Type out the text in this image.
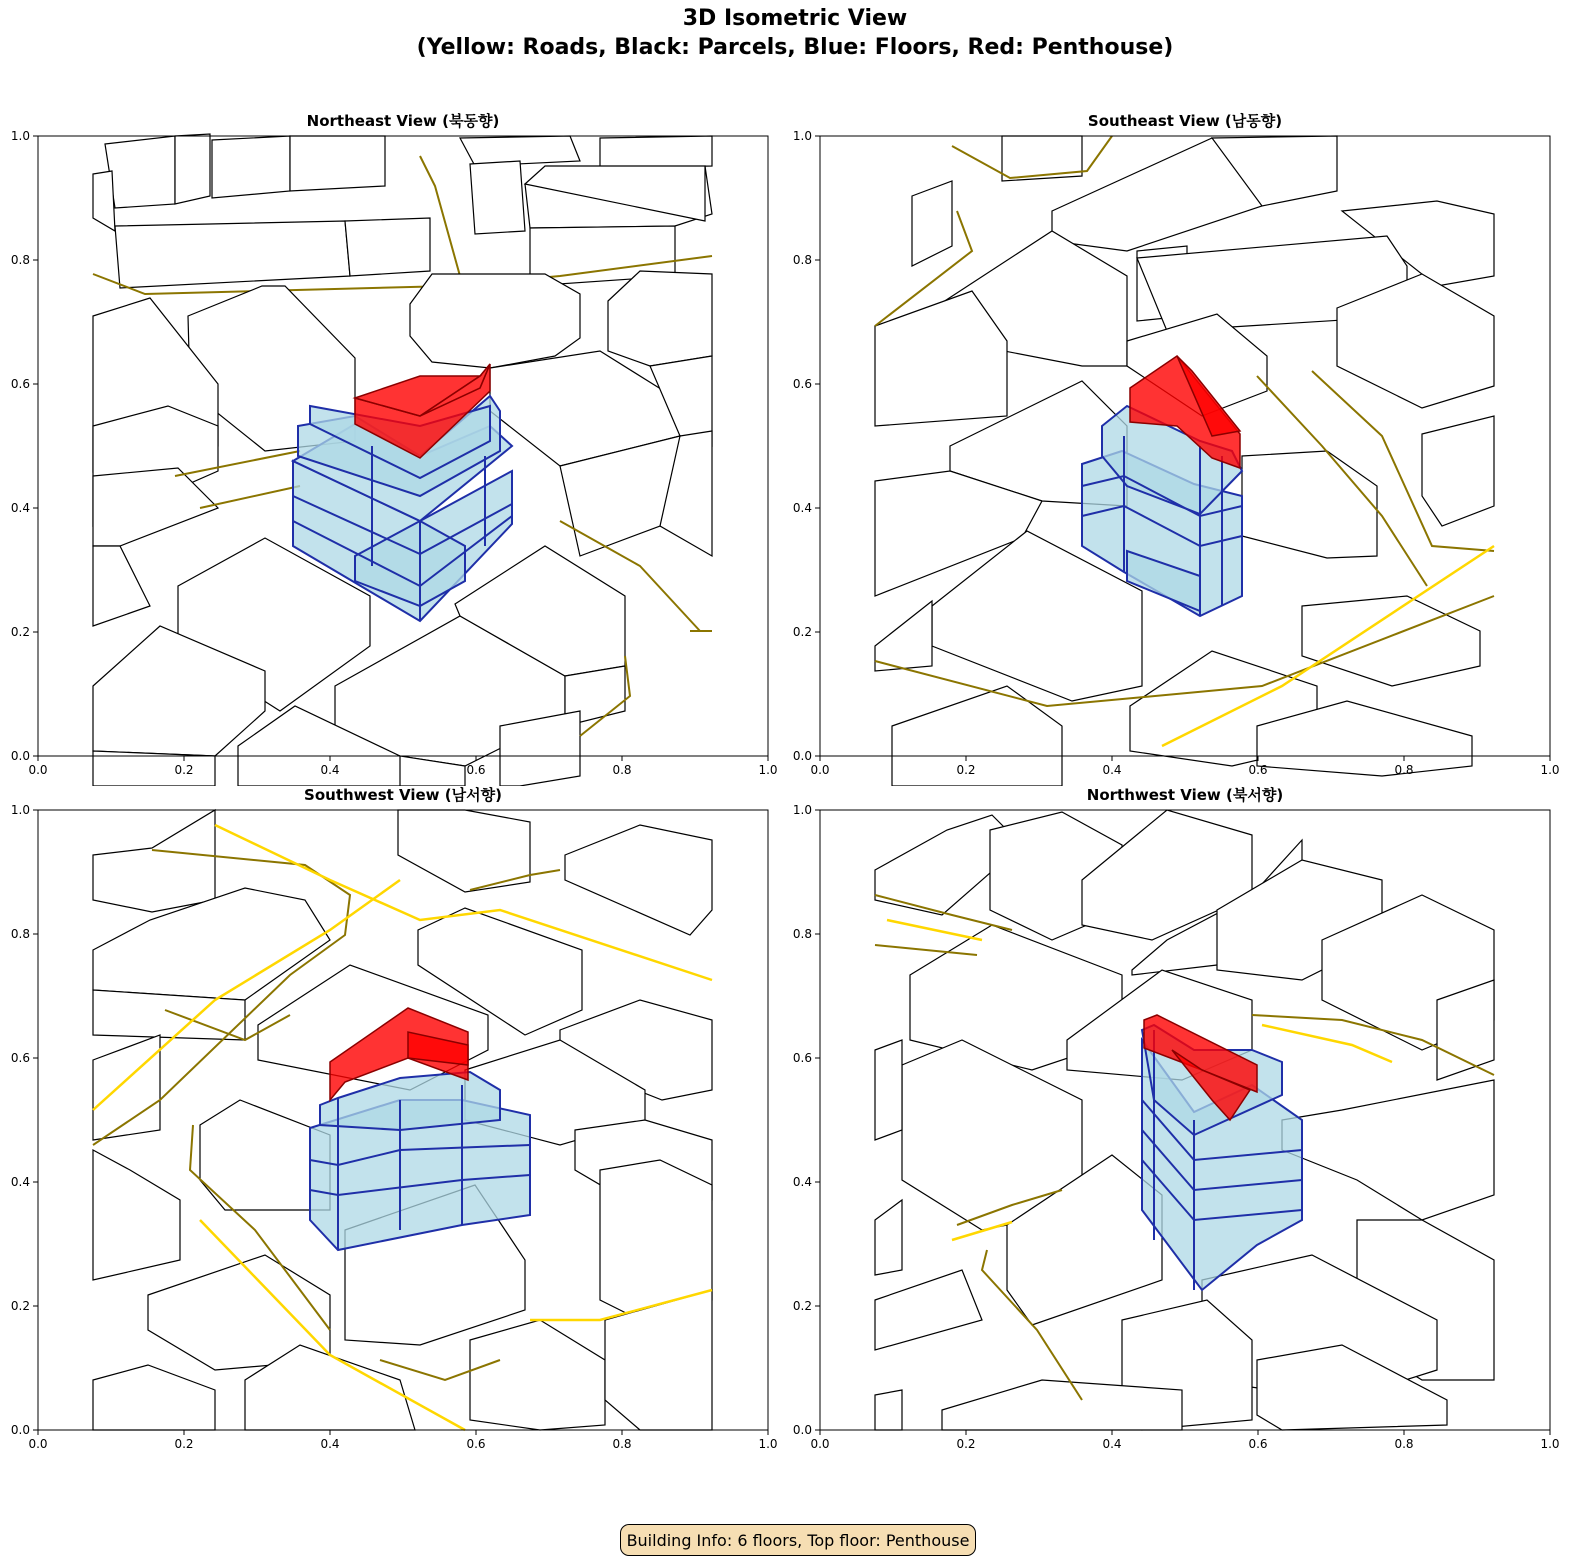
3D Isometric View
(Yellow: Roads, Black: Parcels, Blue: Floors, Red: Penthouse)
Northeast View (북동향)	Southeast View (남동향)
Southwest View (남서향)	Northwest View (북서향)
0.0	0.2	0.4	0.6	0.8	1.0
0.0
0.2
0.4
0.6
0.8
1.0
0.0	0.2	0.4	0.6	0.8	1.0
0.0
0.2
0.4
0.6
0.8
1.0
0.0	0.2	0.4	0.6	0.8	1.0
0.0
0.2
0.4
0.6
0.8
1.0
0.0	0.2	0.4	0.6	0.8	1.0
0.0
0.2
0.4
0.6
0.8
1.0
Building Info: 6 floors, Top floor: Penthouse
